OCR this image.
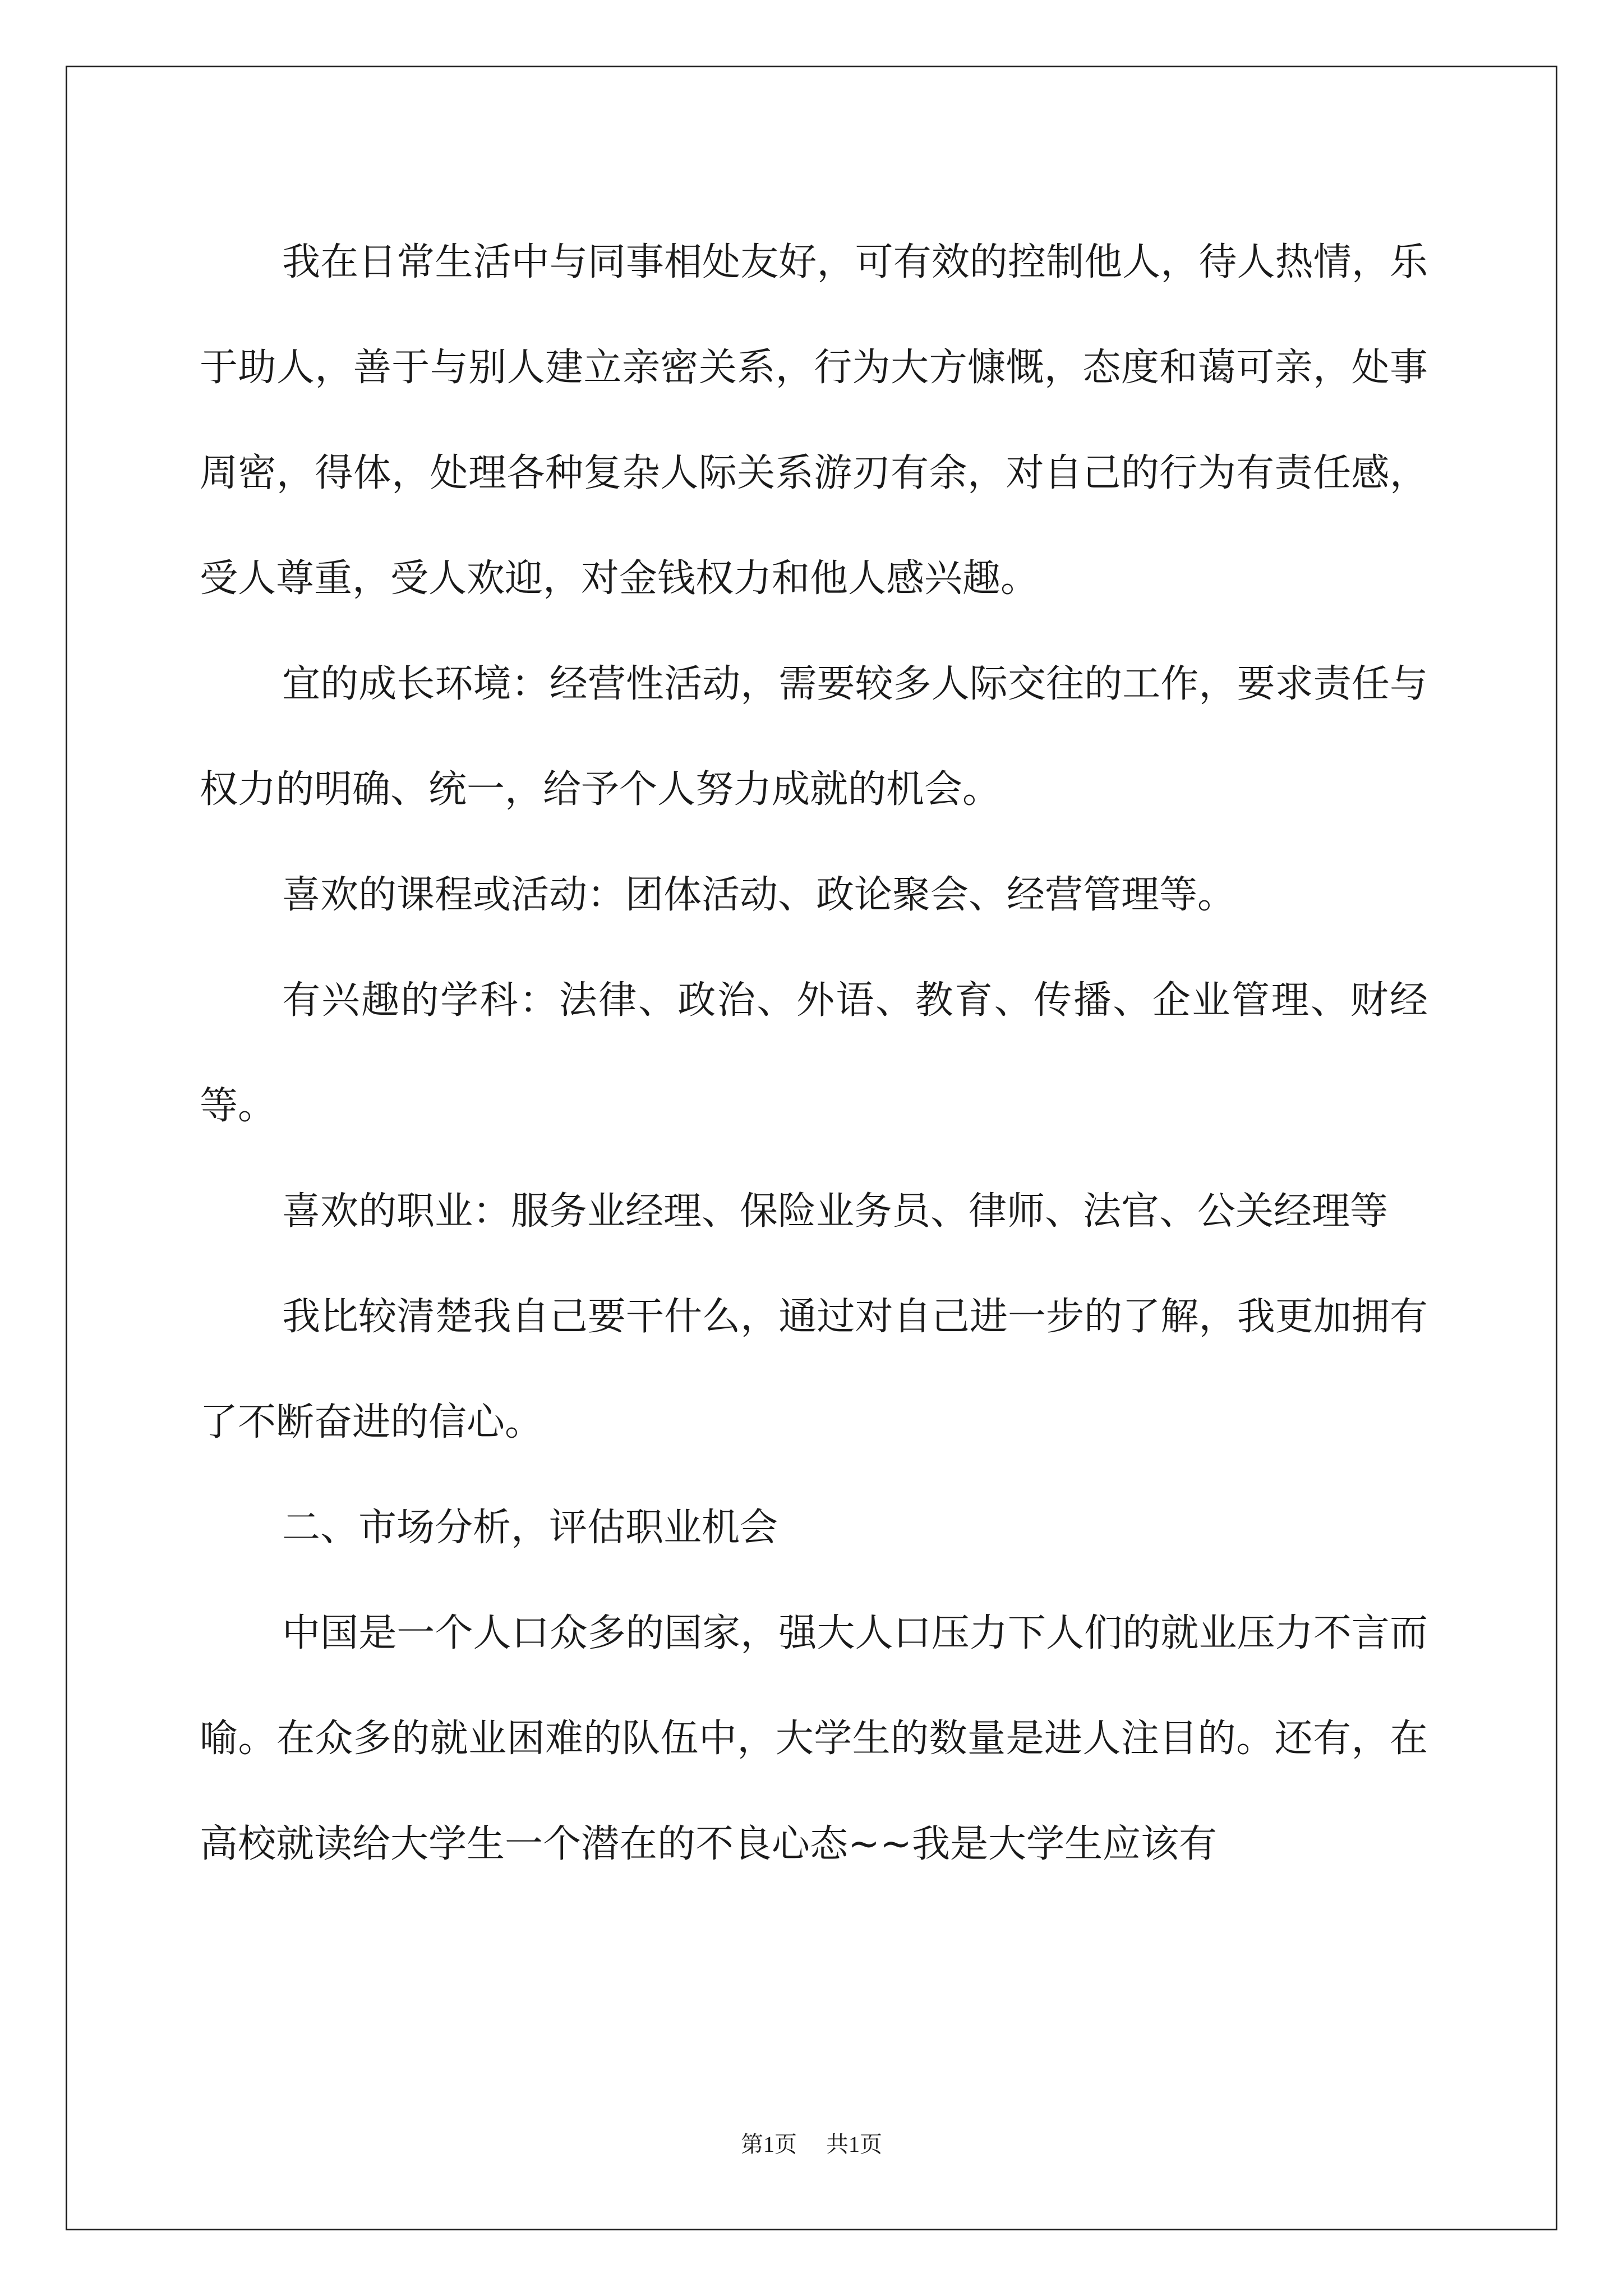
我在日常生活中与同事相处友好，可有效的控制他人，待人热情，乐于助人，善于与别人建立亲密关系，行为大方慷慨，态度和蔼可亲，处事周密，得体，处理各种复杂人际关系游刃有余，对自己的行为有责任感，受人尊重，受人欢迎，对金钱权力和他人感兴趣。

宜的成长环境：经营性活动，需要较多人际交往的工作，要求责任与权力的明确、统一，给予个人努力成就的机会。

喜欢的课程或活动：团体活动、政论聚会、经营管理等。

有兴趣的学科：法律、政治、外语、教育、传播、企业管理、财经等。

喜欢的职业：服务业经理、保险业务员、律师、法官、公关经理等

我比较清楚我自己要干什么，通过对自己进一步的了解，我更加拥有了不断奋进的信心。

二、市场分析，评估职业机会

中国是一个人口众多的国家，强大人口压力下人们的就业压力不言而喻。在众多的就业困难的队伍中，大学生的数量是进人注目的。还有，在高校就读给大学生一个潜在的不良心态~~我是大学生应该有

第1页 共1页
